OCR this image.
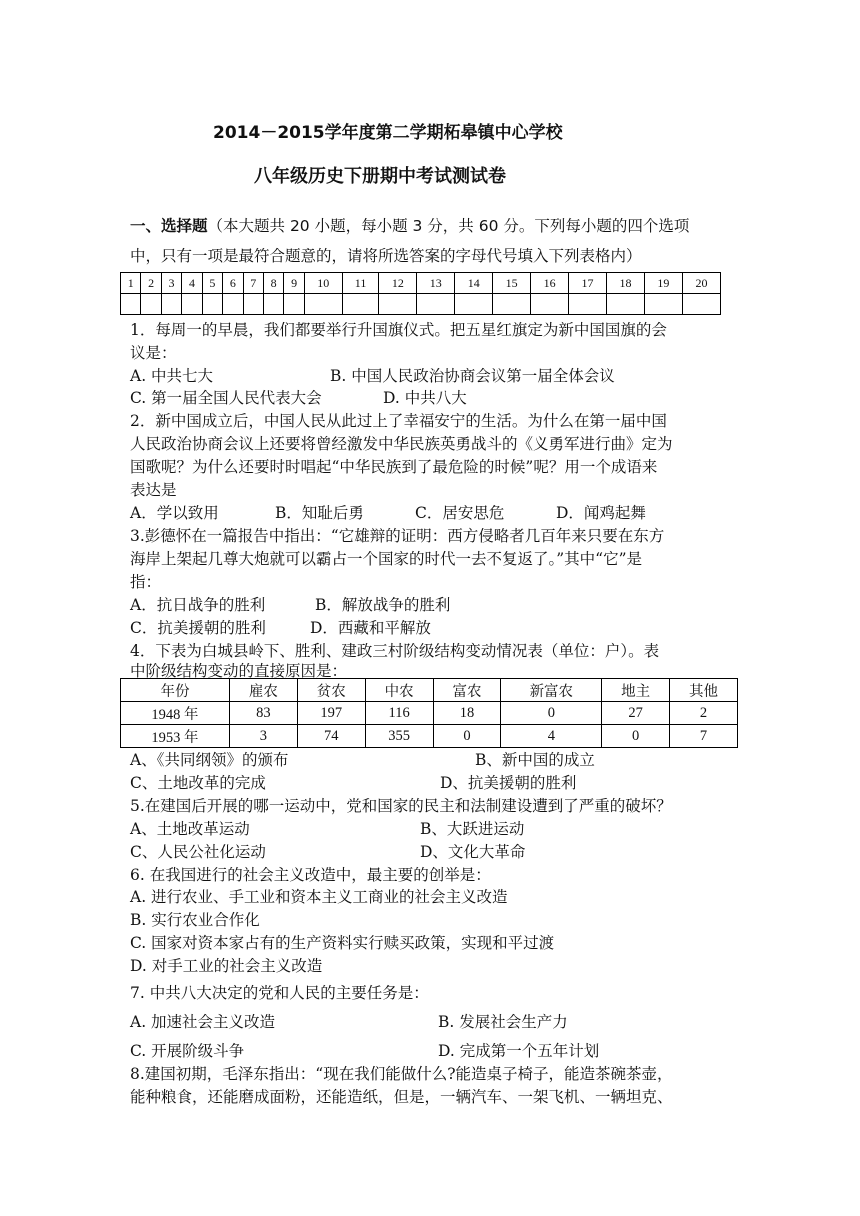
2014－2015学年度第二学期柘皋镇中心学校
八年级历史下册期中考试测试卷
一、选择题（本大题共 20 小题，每小题 3 分，共 60 分。下列每小题的四个选项
中，只有一项是最符合题意的，请将所选答案的字母代号填入下列表格内）
1	2	3	4	5	6	7	8	9	10	11	12	13	14	15	16	17	18	19	20

1．每周一的早晨，我们都要举行升国旗仪式。把五星红旗定为新中国国旗的会
议是：
A. 中共七大	B. 中国人民政治协商会议第一届全体会议
C. 第一届全国人民代表大会	D. 中共八大
2．新中国成立后，中国人民从此过上了幸福安宁的生活。为什么在第一届中国
人民政治协商会议上还要将曾经激发中华民族英勇战斗的《义勇军进行曲》定为
国歌呢？为什么还要时时唱起“中华民族到了最危险的时候”呢？用一个成语来
表达是
A．学以致用	B．知耻后勇	C．居安思危	D．闻鸡起舞
3.彭德怀在一篇报告中指出：“它雄辩的证明：西方侵略者几百年来只要在东方
海岸上架起几尊大炮就可以霸占一个国家的时代一去不复返了。”其中“它”是
指：
A．抗日战争的胜利	B．解放战争的胜利
C．抗美援朝的胜利	D．西藏和平解放
4．下表为白城县岭下、胜利、建政三村阶级结构变动情况表（单位：户）。表
中阶级结构变动的直接原因是：
年份	雇农	贫农	中农	富农	新富农	地主	其他
1948 年	83	197	116	18	0	27	2
1953 年	3	74	355	0	4	0	7
A、《共同纲领》的颁布	B、新中国的成立
C、土地改革的完成	D、抗美援朝的胜利
5.在建国后开展的哪一运动中，党和国家的民主和法制建设遭到了严重的破坏？
A、土地改革运动	B、大跃进运动
C、人民公社化运动	D、文化大革命
6. 在我国进行的社会主义改造中，最主要的创举是：
A. 进行农业、手工业和资本主义工商业的社会主义改造
B. 实行农业合作化
C. 国家对资本家占有的生产资料实行赎买政策，实现和平过渡
D. 对手工业的社会主义改造
7. 中共八大决定的党和人民的主要任务是：
A. 加速社会主义改造	B. 发展社会生产力
C. 开展阶级斗争	D. 完成第一个五年计划
8.建国初期，毛泽东指出：“现在我们能做什么?能造桌子椅子，能造茶碗茶壶，
能种粮食，还能磨成面粉，还能造纸，但是，一辆汽车、一架飞机、一辆坦克、
